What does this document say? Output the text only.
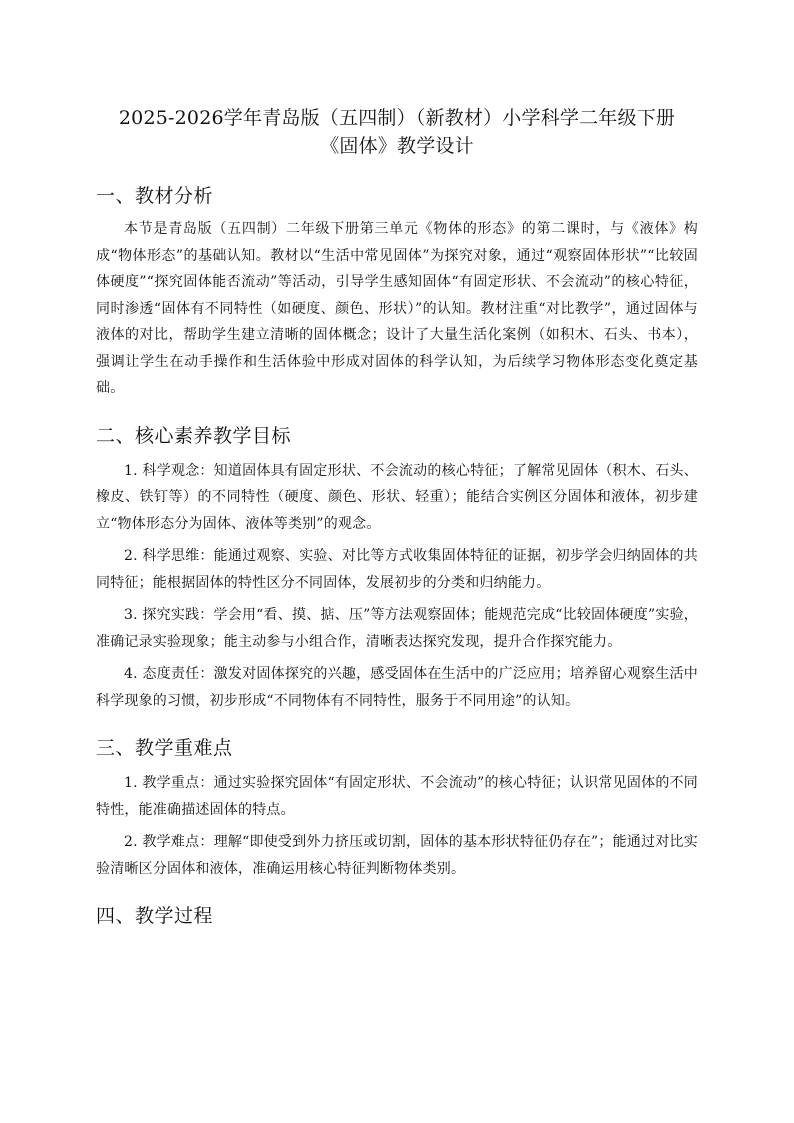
2025-2026学年青岛版（五四制）（新教材）小学科学二年级下册
《固体》教学设计
一、教材分析

本节是青岛版（五四制）二年级下册第三单元《物体的形态》的第二课时，与《液体》构成“物体形态”的基础认知。教材以“生活中常见固体”为探究对象，通过“观察固体形状”“比较固体硬度”“探究固体能否流动”等活动，引导学生感知固体“有固定形状、不会流动”的核心特征，同时渗透“固体有不同特性（如硬度、颜色、形状）”的认知。教材注重“对比教学”，通过固体与液体的对比，帮助学生建立清晰的固体概念；设计了大量生活化案例（如积木、石头、书本），强调让学生在动手操作和生活体验中形成对固体的科学认知，为后续学习物体形态变化奠定基础。

二、核心素养教学目标

1. 科学观念：知道固体具有固定形状、不会流动的核心特征；了解常见固体（积木、石头、橡皮、铁钉等）的不同特性（硬度、颜色、形状、轻重）；能结合实例区分固体和液体，初步建立“物体形态分为固体、液体等类别”的观念。

2. 科学思维：能通过观察、实验、对比等方式收集固体特征的证据，初步学会归纳固体的共同特征；能根据固体的特性区分不同固体，发展初步的分类和归纳能力。

3. 探究实践：学会用“看、摸、掂、压”等方法观察固体；能规范完成“比较固体硬度”实验，准确记录实验现象；能主动参与小组合作，清晰表达探究发现，提升合作探究能力。

4. 态度责任：激发对固体探究的兴趣，感受固体在生活中的广泛应用；培养留心观察生活中科学现象的习惯，初步形成“不同物体有不同特性，服务于不同用途”的认知。

三、教学重难点

1. 教学重点：通过实验探究固体“有固定形状、不会流动”的核心特征；认识常见固体的不同特性，能准确描述固体的特点。

2. 教学难点：理解“即使受到外力挤压或切割，固体的基本形状特征仍存在”；能通过对比实验清晰区分固体和液体，准确运用核心特征判断物体类别。

四、教学过程
